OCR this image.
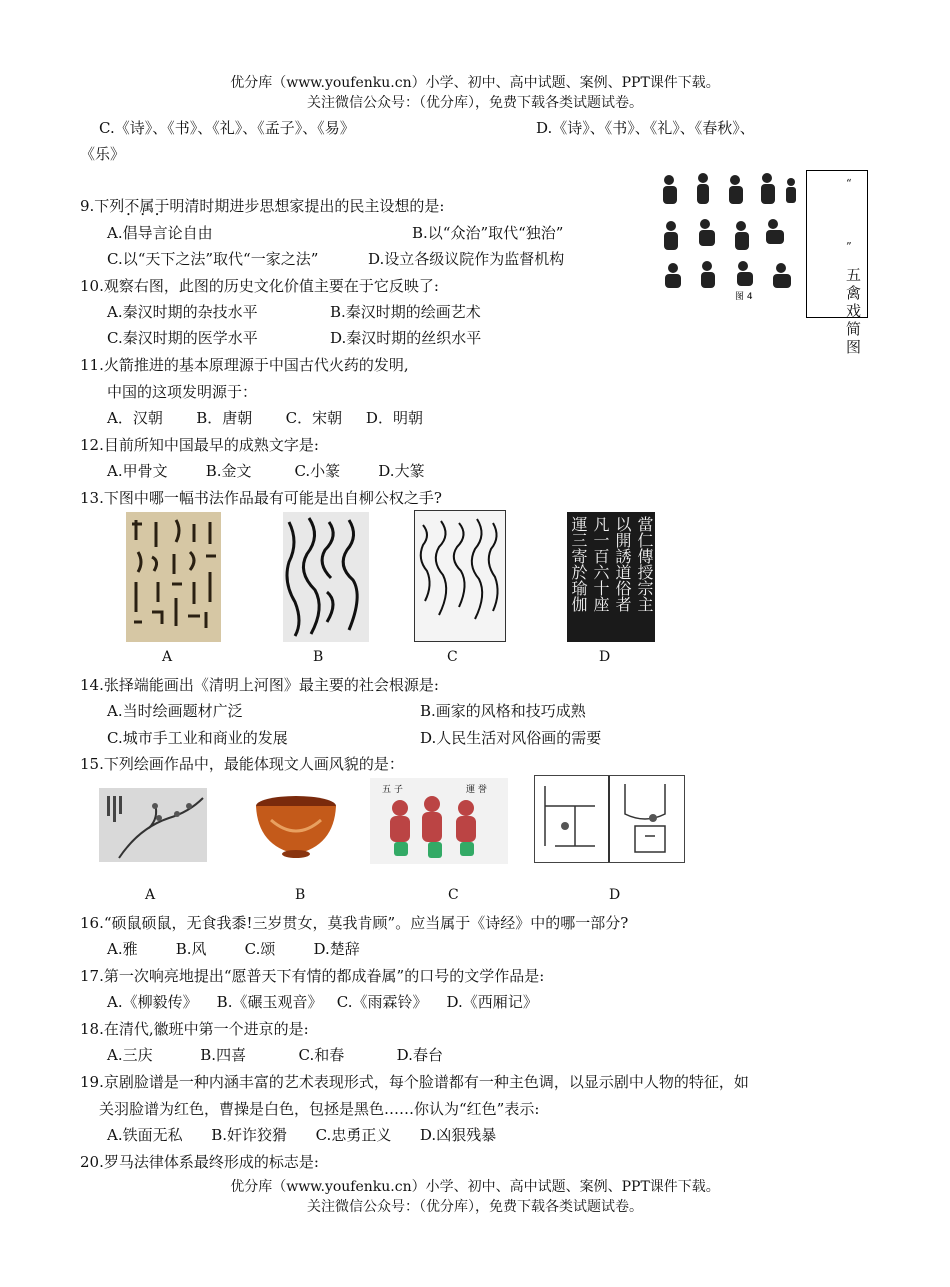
优分库（www.youfenku.cn）小学、初中、高中试题、案例、PPT课件下载。
关注微信公众号：（优分库），免费下载各类试题试卷。
C.《诗》、《书》、《礼》、《孟子》、《易》	D.《诗》、《书》、《礼》、《春秋》、
《乐》
9.下列不属于 • • •明清时期进步思想家提出的民主设想的是:
A.倡导言论自由	B.以“众治”取代“独治”
C.以“天下之法”取代“一家之法”	D.设立各级议院作为监督机构
图 4
“
”
五
禽
戏
简
图
10.观察右图，此图的历史文化价值主要在于它反映了:
A.秦汉时期的杂技水平	B.秦汉时期的绘画艺术
C.秦汉时期的医学水平	D.秦汉时期的丝织水平
11.火箭推进的基本原理源于中国古代火药的发明,
中国的这项发明源于：
A．汉朝       B．唐朝       C．宋朝     D．明朝
12.目前所知中国最早的成熟文字是:
A.甲骨文        B.金文         C.小篆        D.大篆
13.下图中哪一幅书法作品最有可能是出自柳公权之手?
當仁傳授宗主
以開誘道俗者
凡一百六十座
運三寄於瑜伽
A	B	C	D
14.张择端能画出《清明上河图》最主要的社会根源是:
A.当时绘画题材广泛	B.画家的风格和技巧成熟
C.城市手工业和商业的发展	D.人民生活对风俗画的需要
15.下列绘画作品中，最能体现文人画风貌的是：
五 子	運 誉
A	B	C	D
16.“硕鼠硕鼠，无食我黍!三岁贯女，莫我肯顾”。应当属于《诗经》中的哪一部分?
A.雅        B.风        C.颂        D.楚辞
17.第一次响亮地提出“愿普天下有情的都成眷属”的口号的文学作品是:
A.《柳毅传》    B.《碾玉观音》   C.《雨霖铃》    D.《西厢记》
18.在清代,徽班中第一个进京的是:
A.三庆          B.四喜           C.和春           D.春台
19.京剧脸谱是一种内涵丰富的艺术表现形式，每个脸谱都有一种主色调，以显示剧中人物的特征，如
关羽脸谱为红色，曹操是白色，包拯是黑色……你认为“红色”表示:
A.铁面无私      B.奸诈狡猾      C.忠勇正义      D.凶狠残暴
20.罗马法律体系最终形成的标志是:
优分库（www.youfenku.cn）小学、初中、高中试题、案例、PPT课件下载。
关注微信公众号：（优分库），免费下载各类试题试卷。
